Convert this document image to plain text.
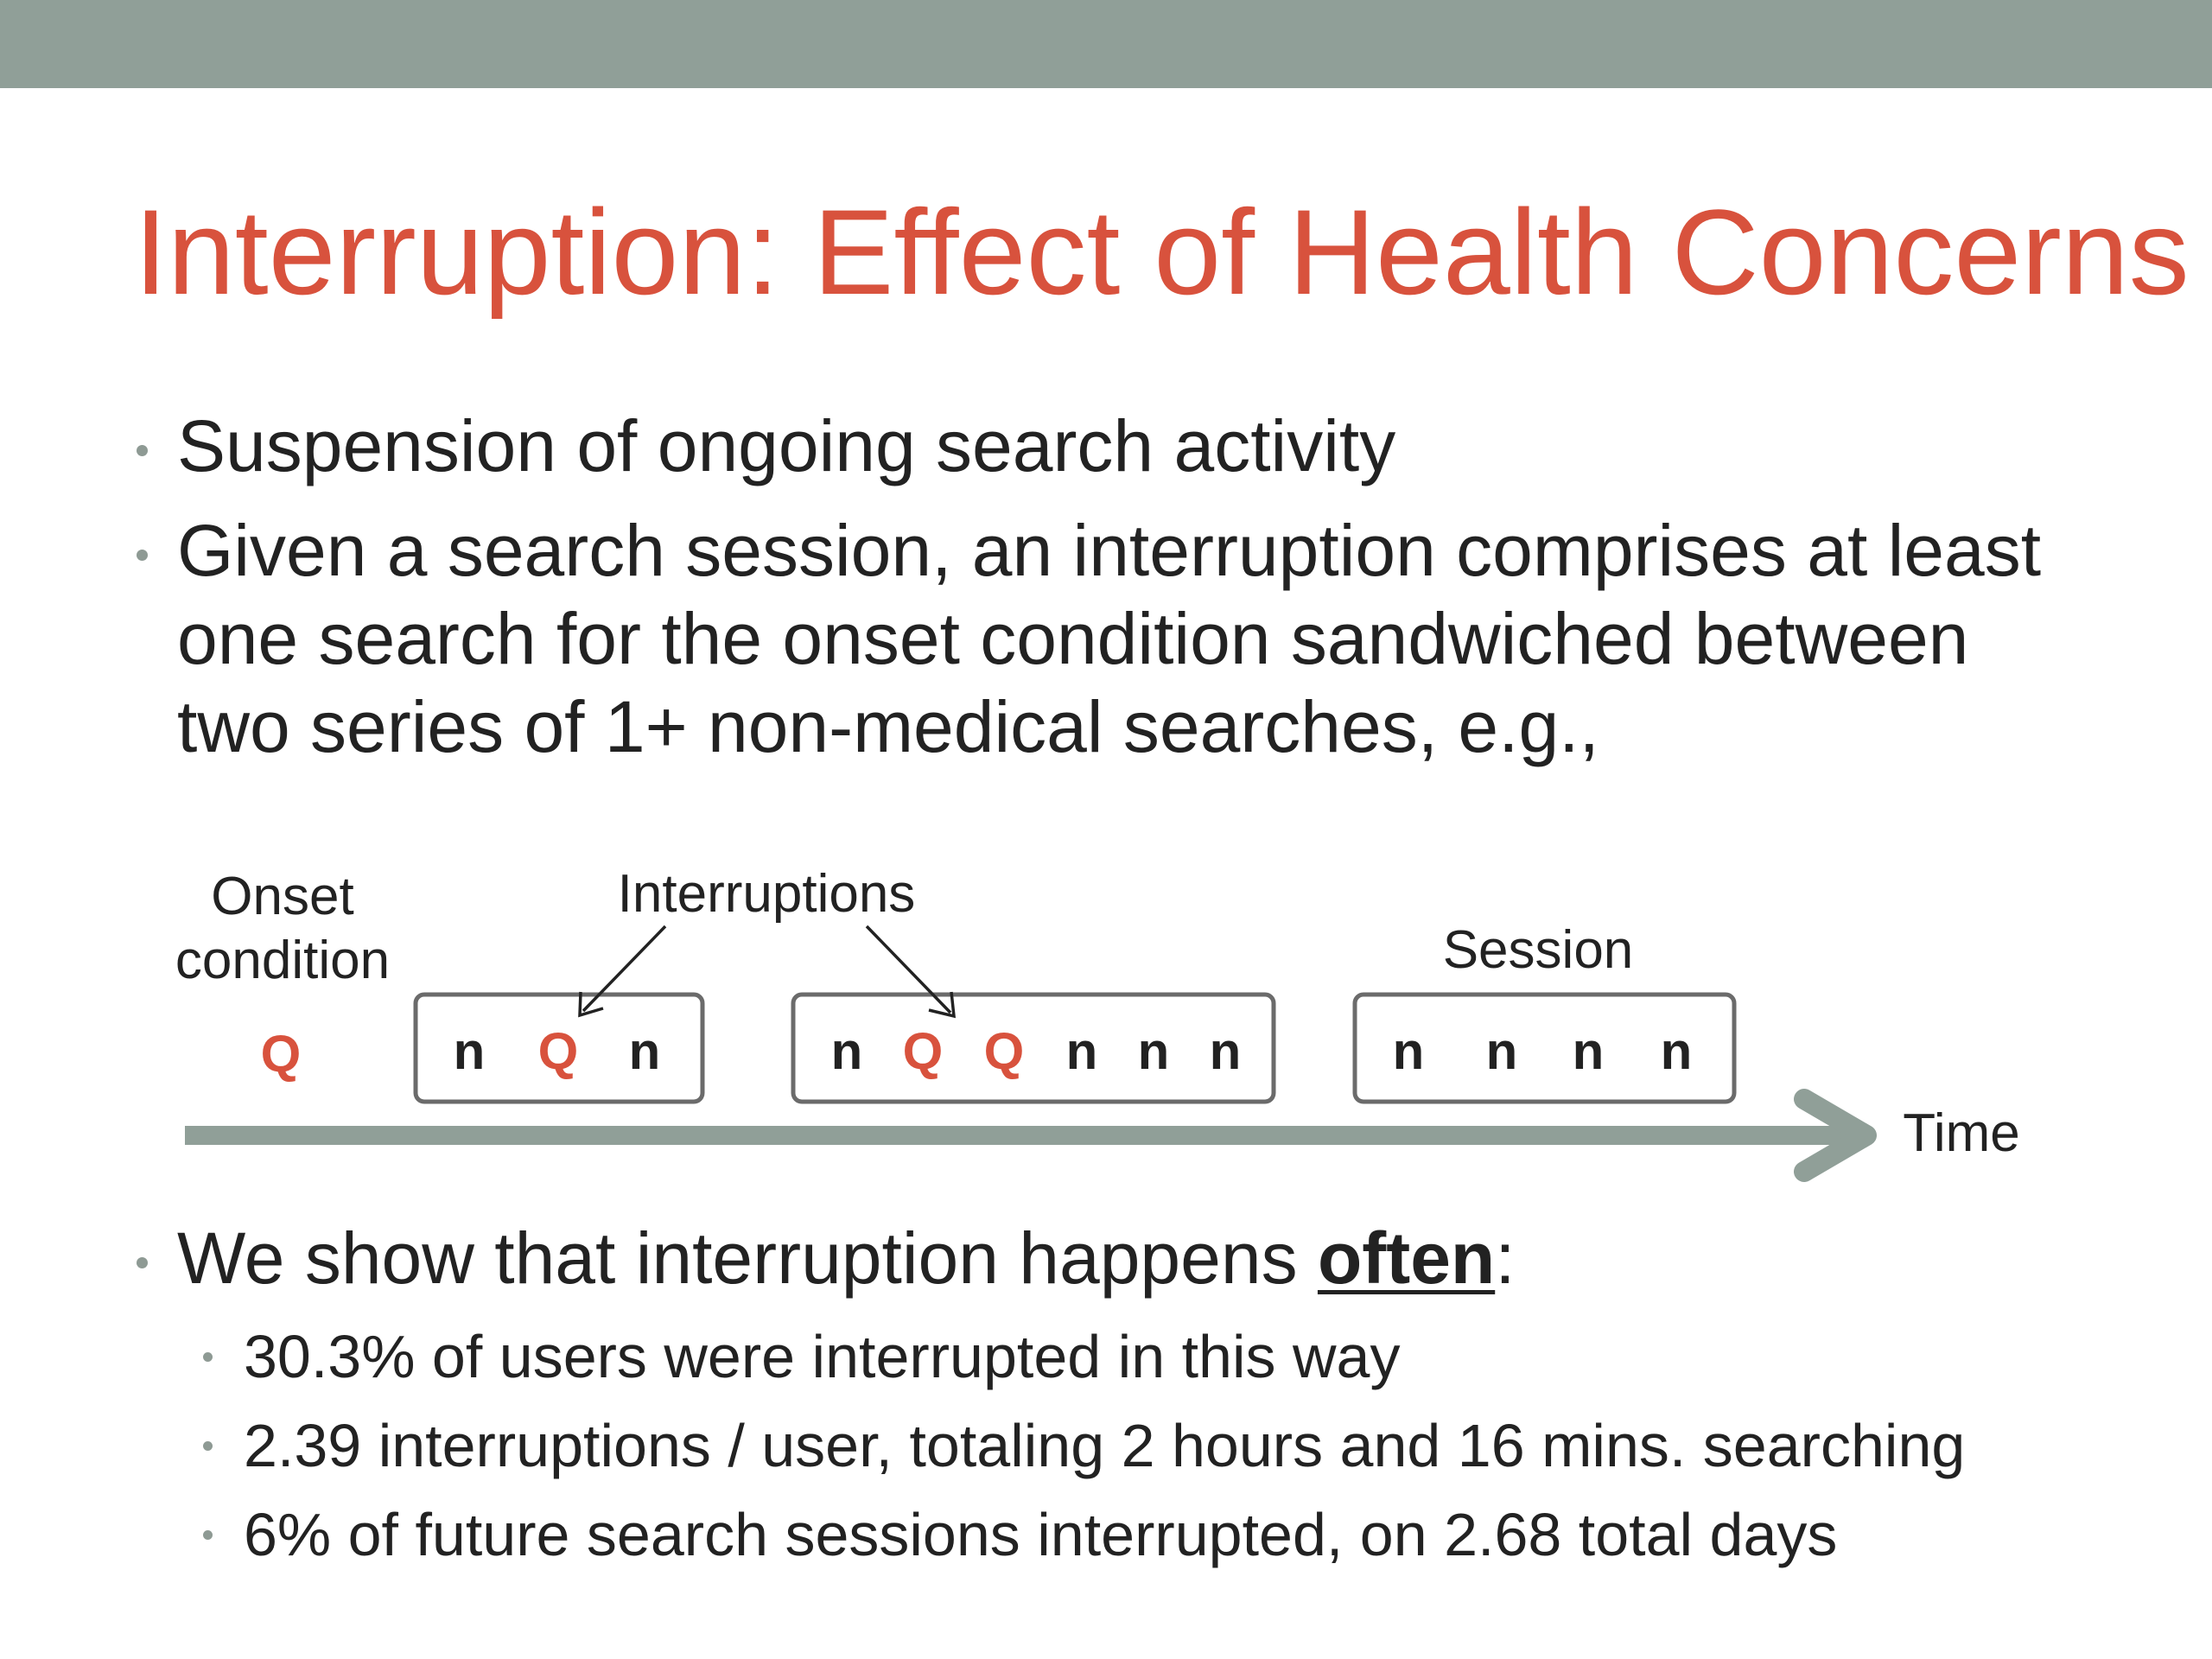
Interruption: Effect of Health Concerns

Suspension of ongoing search activity

Given a search session, an interruption comprises at least

one search for the onset condition sandwiched between

two series of 1+ non-medical searches, e.g.,

Onset
condition
Interruptions
Session
Time
Q	n Q n	n Q Q n n n	n n n n

We show that interruption happens often:

30.3% of users were interrupted in this way

2.39 interruptions / user, totaling 2 hours and 16 mins. searching

6% of future search sessions interrupted, on 2.68 total days
